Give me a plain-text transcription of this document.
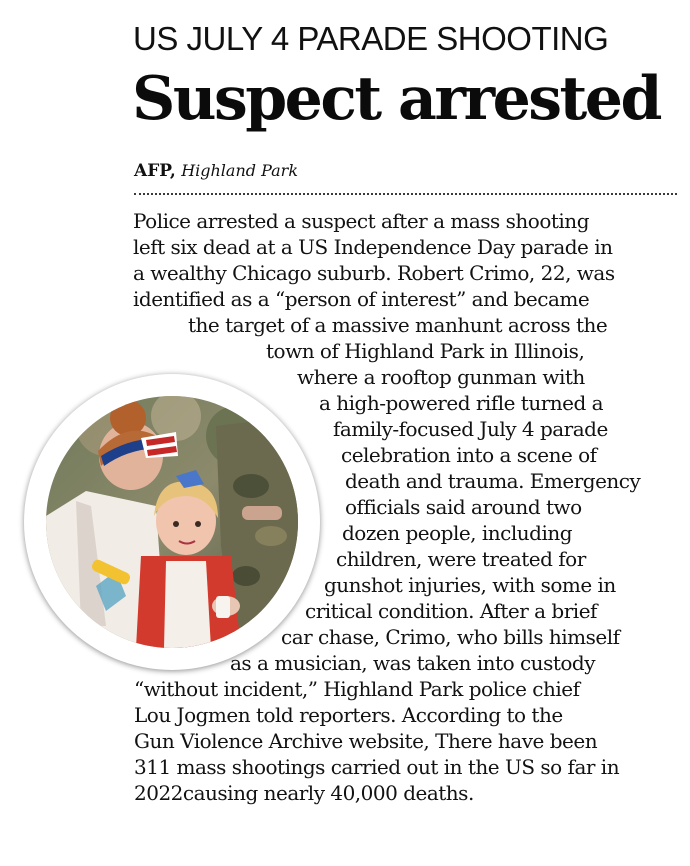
US JULY 4 PARADE SHOOTING
Suspect arrested
AFP, Highland Park
Police arrested a suspect after a mass shooting
left six dead at a US Independence Day parade in
a wealthy Chicago suburb. Robert Crimo, 22, was
identified as a “person of interest” and became
the target of a massive manhunt across the
town of Highland Park in Illinois,
where a rooftop gunman with
a high-powered rifle turned a
family-focused July 4 parade
celebration into a scene of
death and trauma. Emergency
officials said around two
dozen people, including
children, were treated for
gunshot injuries, with some in
critical condition. After a brief
car chase, Crimo, who bills himself
as a musician, was taken into custody
“without incident,” Highland Park police chief
Lou Jogmen told reporters. According to the
Gun Violence Archive website, There have been
311 mass shootings carried out in the US so far in
2022causing nearly 40,000 deaths.
